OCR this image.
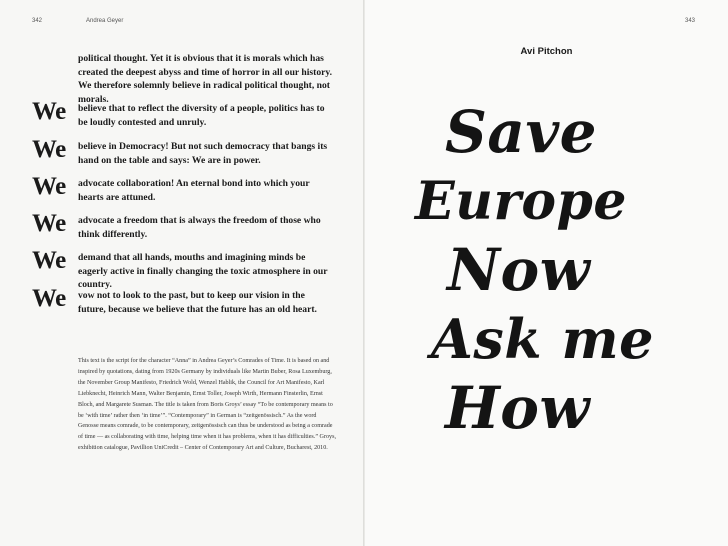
342	Andrea Geyer

political thought. Yet it is obvious that it is morals which has created the deepest abyss and time of horror in all our history. We therefore solemnly believe in radical political thought, not morals.

We believe that to reflect the diversity of a people, politics has to be loudly contested and unruly.

We believe in Democracy! But not such democracy that bangs its hand on the table and says: We are in power.

We advocate collaboration! An eternal bond into which your hearts are attuned.

We advocate a freedom that is always the freedom of those who think differently.

We demand that all hands, mouths and imagining minds be eagerly active in finally changing the toxic atmosphere in our country.

We vow not to look to the past, but to keep our vision in the future, because we believe that the future has an old heart.

This text is the script for the character “Anna” in Andrea Geyer’s Comrades of Time. It is based on and inspired by quotations, dating from 1920s Germany by individuals like Martin Buber, Rosa Luxemburg, the November Group Manifesto, Friedrich Wold, Wenzel Hablik, the Council for Art Manifesto, Karl Liebknecht, Heinrich Mann, Walter Benjamin, Ernst Toller, Joseph Wirth, Hermann Finsterlin, Ernst Bloch, and Margarete Susman. The title is taken from Boris Groys’ essay “To be contemporary means to be ‘with time’ rather then ‘in time’”. “Contemporary” in German is “zeitgenössisch.” As the word Genosse means comrade, to be contemporary, zeitgenössisch can thus be understood as being a comrade of time — as collaborating with time, helping time when it has problems, when it has difficulties.” Groys, exhibition catalogue, Pavillion UniCredit – Center of Contemporary Art and Culture, Bucharest, 2010.

343
Avi Pitchon
Save
Europe
Now
Ask me
How
